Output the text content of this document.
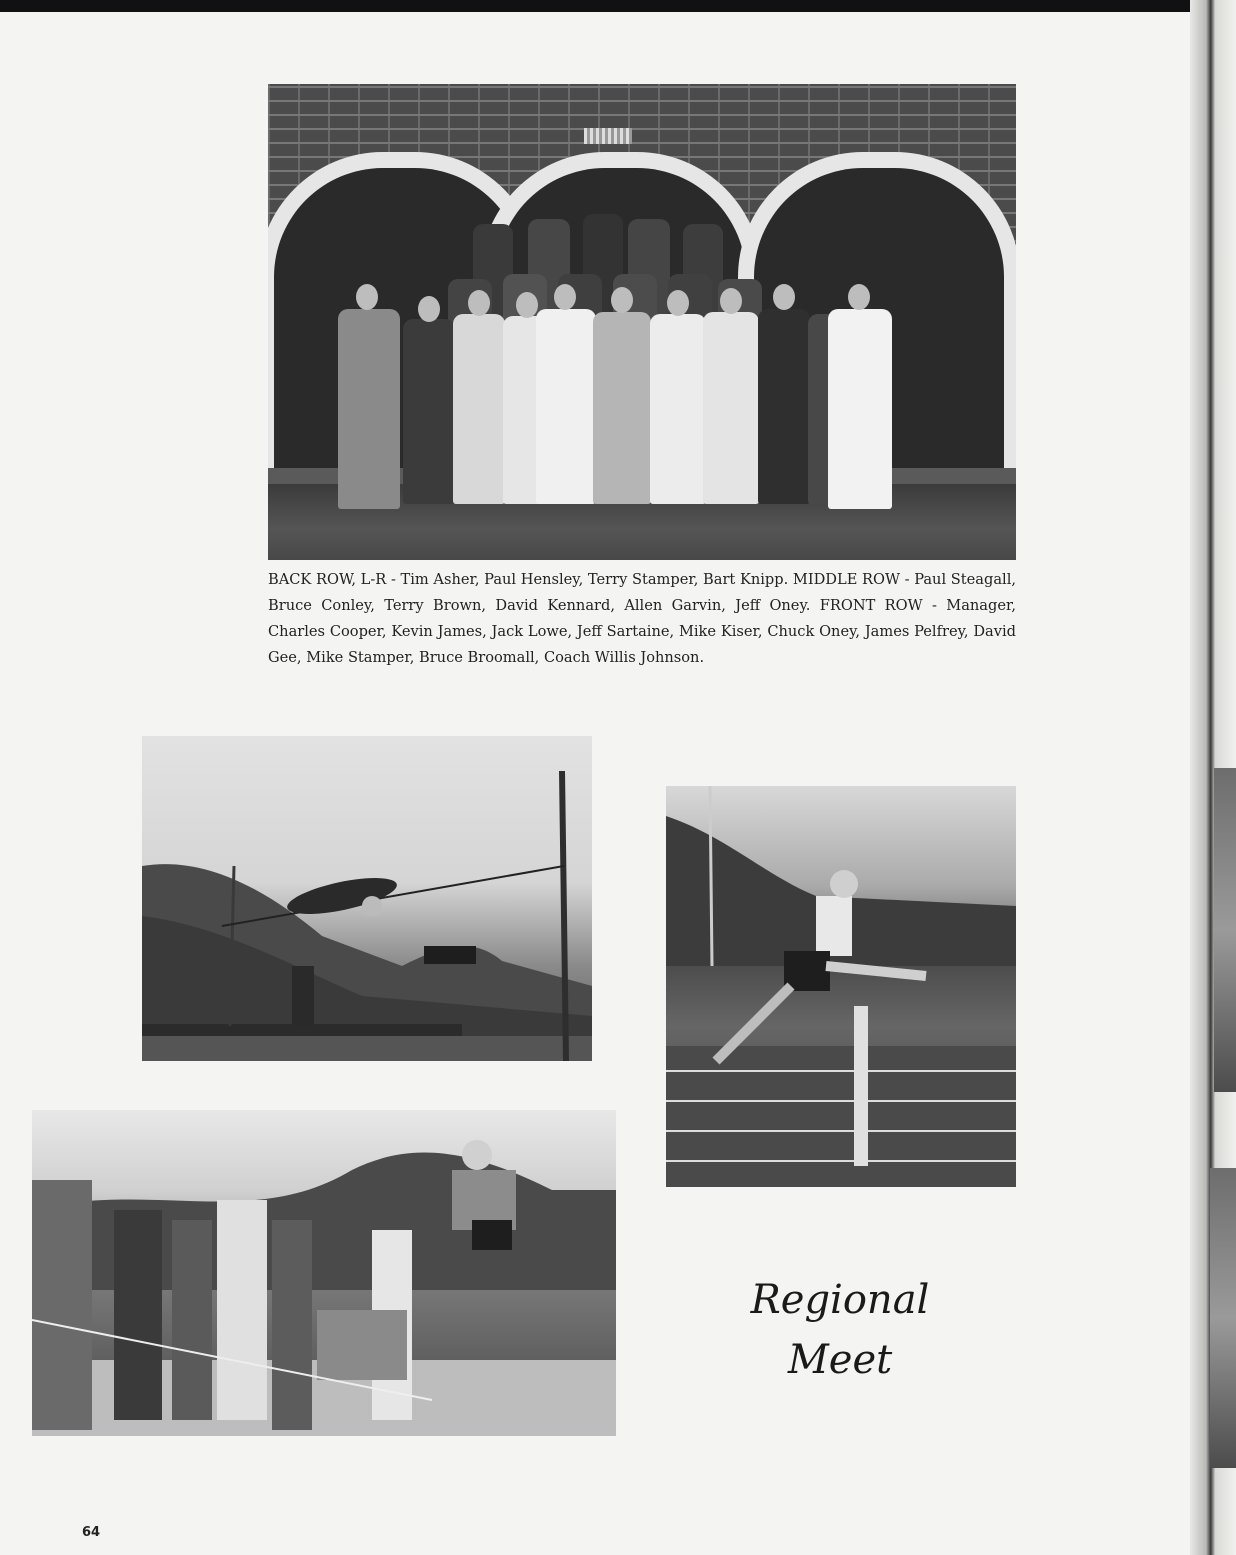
BACK ROW, L-R - Tim Asher, Paul Hensley, Terry Stamper, Bart Knipp. MIDDLE ROW - Paul Steagall, Bruce Conley, Terry Brown, David Kennard, Allen Garvin, Jeff Oney. FRONT ROW - Manager, Charles Cooper, Kevin James, Jack Lowe, Jeff Sartaine, Mike Kiser, Chuck Oney, James Pelfrey, David Gee, Mike Stamper, Bruce Broomall, Coach Willis Johnson.

Regional
Meet
64
